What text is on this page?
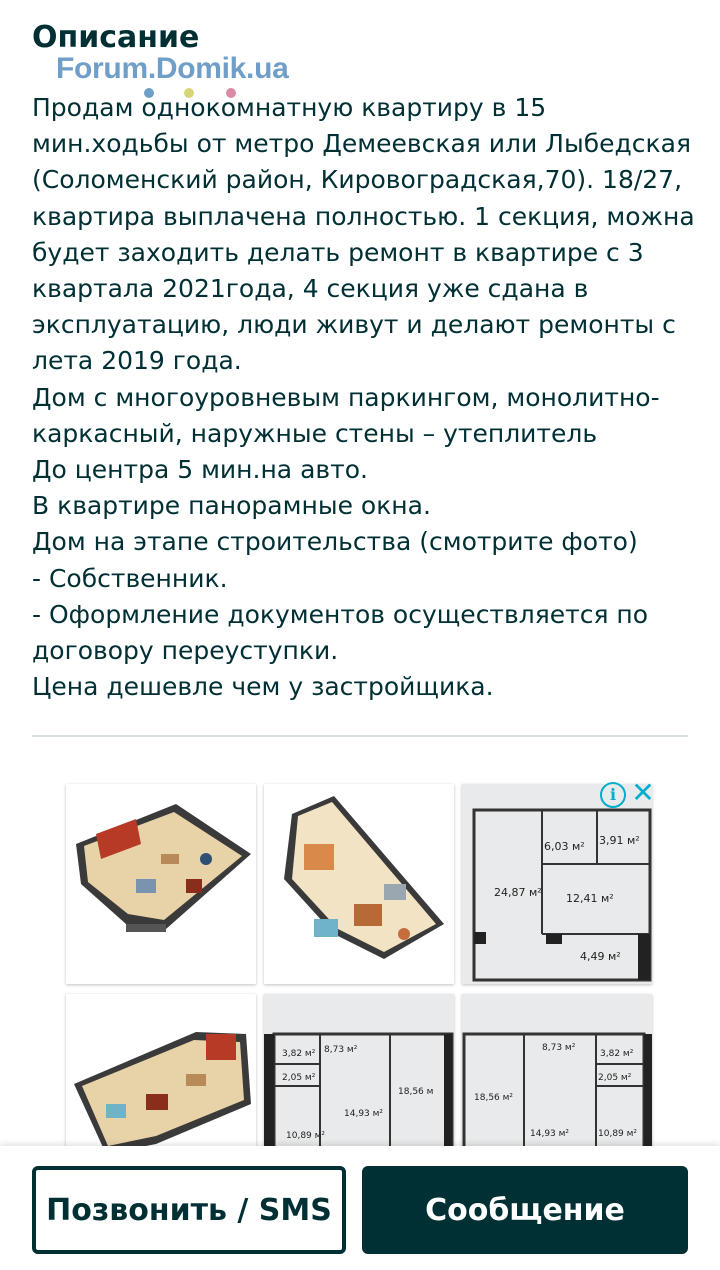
Описание
Forum.Domik.ua

Продам однокомнатную квартиру в 15 мин.ходьбы от метро Демеевская или Лыбедская (Соломенский район, Кировоградская,70). 18/27, квартира выплачена полностью. 1 секция, можна будет заходить делать ремонт в квартире с 3 квартала 2021года, 4 секция уже сдана в эксплуатацию, люди живут и делают ремонты с лета 2019 года.

Дом с многоуровневым паркингом, монолитно-каркасный, наружные стены – утеплитель

До центра 5 мин.на авто.

В квартире панорамные окна.

Дом на этапе строительства (смотрите фото)

- Собственник.

- Оформление документов осуществляется по договору переуступки.

Цена дешевле чем у застройщика.

6,03 м² 3,91 м²
24,87 м² 12,41 м²
4,49 м²
3,82 м² 8,73 м²
2,05 м²
18,56 м
14,93 м²
10,89 м²
8,73 м²
3,82 м²
2,05 м²
18,56 м²
14,93 м²	10,89 м²
i ✕
Позвонить / SMS	Сообщение
